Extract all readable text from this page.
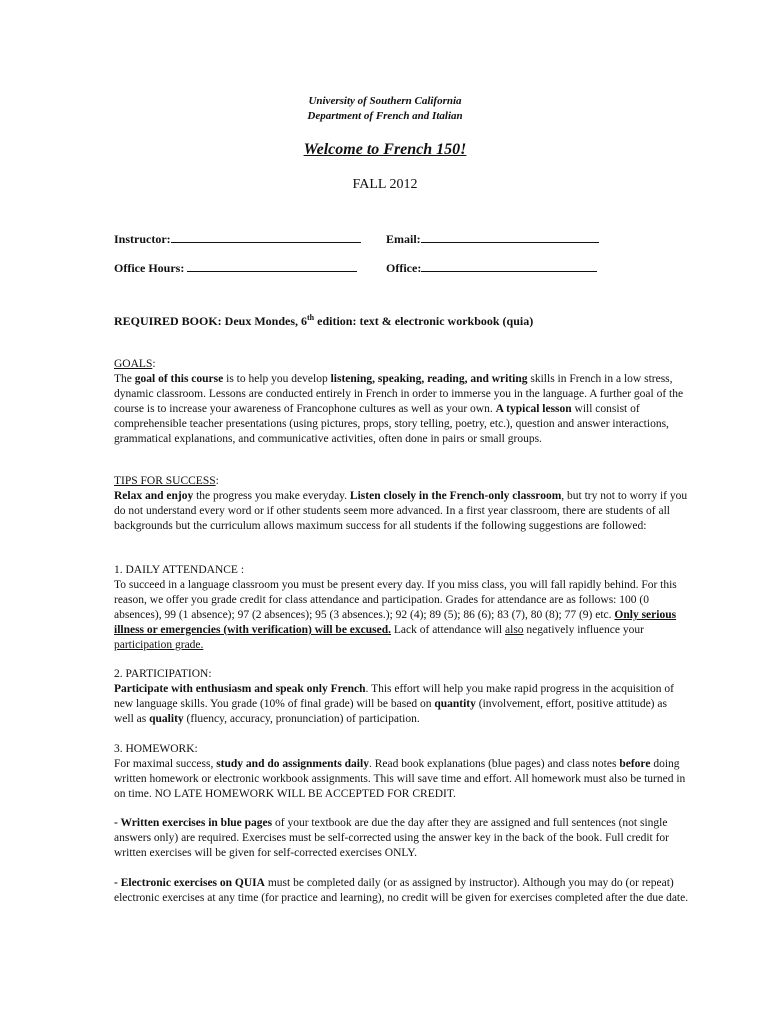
University of Southern California
Department of French and Italian
Welcome to French 150!
FALL 2012
Instructor:	Email:
Office Hours:	Office:
REQUIRED BOOK: Deux Mondes, 6th edition: text & electronic workbook (quia)

GOALS:

The goal of this course is to help you develop listening, speaking, reading, and writing skills in French in a low stress, dynamic classroom. Lessons are conducted entirely in French in order to immerse you in the language. A further goal of the course is to increase your awareness of Francophone cultures as well as your own. A typical lesson will consist of comprehensible teacher presentations (using pictures, props, story telling, poetry, etc.), question and answer interactions, grammatical explanations, and communicative activities, often done in pairs or small groups.

TIPS FOR SUCCESS:

Relax and enjoy the progress you make everyday. Listen closely in the French-only classroom, but try not to worry if you do not understand every word or if other students seem more advanced. In a first year classroom, there are students of all backgrounds but the curriculum allows maximum success for all students if the following suggestions are followed:

1. DAILY ATTENDANCE :

To succeed in a language classroom you must be present every day. If you miss class, you will fall rapidly behind. For this reason, we offer you grade credit for class attendance and participation. Grades for attendance are as follows: 100 (0 absences), 99 (1 absence); 97 (2 absences); 95 (3 absences.); 92 (4); 89 (5); 86 (6); 83 (7), 80 (8); 77 (9) etc. Only serious illness or emergencies (with verification) will be excused. Lack of attendance will also negatively influence your participation grade.

2. PARTICIPATION:

Participate with enthusiasm and speak only French. This effort will help you make rapid progress in the acquisition of new language skills. You grade (10% of final grade) will be based on quantity (involvement, effort, positive attitude) as well as quality (fluency, accuracy, pronunciation) of participation.

3. HOMEWORK:

For maximal success, study and do assignments daily. Read book explanations (blue pages) and class notes before doing written homework or electronic workbook assignments. This will save time and effort. All homework must also be turned in on time. NO LATE HOMEWORK WILL BE ACCEPTED FOR CREDIT.

- Written exercises in blue pages of your textbook are due the day after they are assigned and full sentences (not single answers only) are required. Exercises must be self-corrected using the answer key in the back of the book. Full credit for written exercises will be given for self-corrected exercises ONLY.

- Electronic exercises on QUIA must be completed daily (or as assigned by instructor). Although you may do (or repeat) electronic exercises at any time (for practice and learning), no credit will be given for exercises completed after the due date.
